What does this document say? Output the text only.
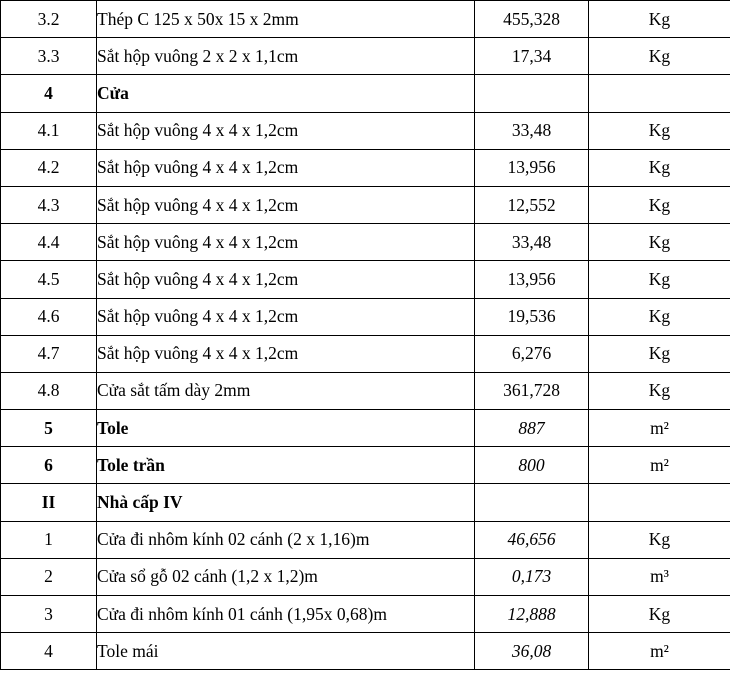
3.2	Thép C 125 x 50x 15 x 2mm	455,328	Kg
3.3	Sắt hộp vuông 2 x 2 x 1,1cm	17,34	Kg
4	Cửa		
4.1	Sắt hộp vuông 4 x 4 x 1,2cm	33,48	Kg
4.2	Sắt hộp vuông 4 x 4 x 1,2cm	13,956	Kg
4.3	Sắt hộp vuông 4 x 4 x 1,2cm	12,552	Kg
4.4	Sắt hộp vuông 4 x 4 x 1,2cm	33,48	Kg
4.5	Sắt hộp vuông 4 x 4 x 1,2cm	13,956	Kg
4.6	Sắt hộp vuông 4 x 4 x 1,2cm	19,536	Kg
4.7	Sắt hộp vuông 4 x 4 x 1,2cm	6,276	Kg
4.8	Cửa sắt tấm dày 2mm	361,728	Kg
5	Tole	887	m²
6	Tole trần	800	m²
II	Nhà cấp IV		
1	Cửa đi nhôm kính 02 cánh (2 x 1,16)m	46,656	Kg
2	Cửa sổ gỗ 02 cánh (1,2 x 1,2)m	0,173	m³
3	Cửa đi nhôm kính 01 cánh (1,95x 0,68)m	12,888	Kg
4	Tole mái	36,08	m²
